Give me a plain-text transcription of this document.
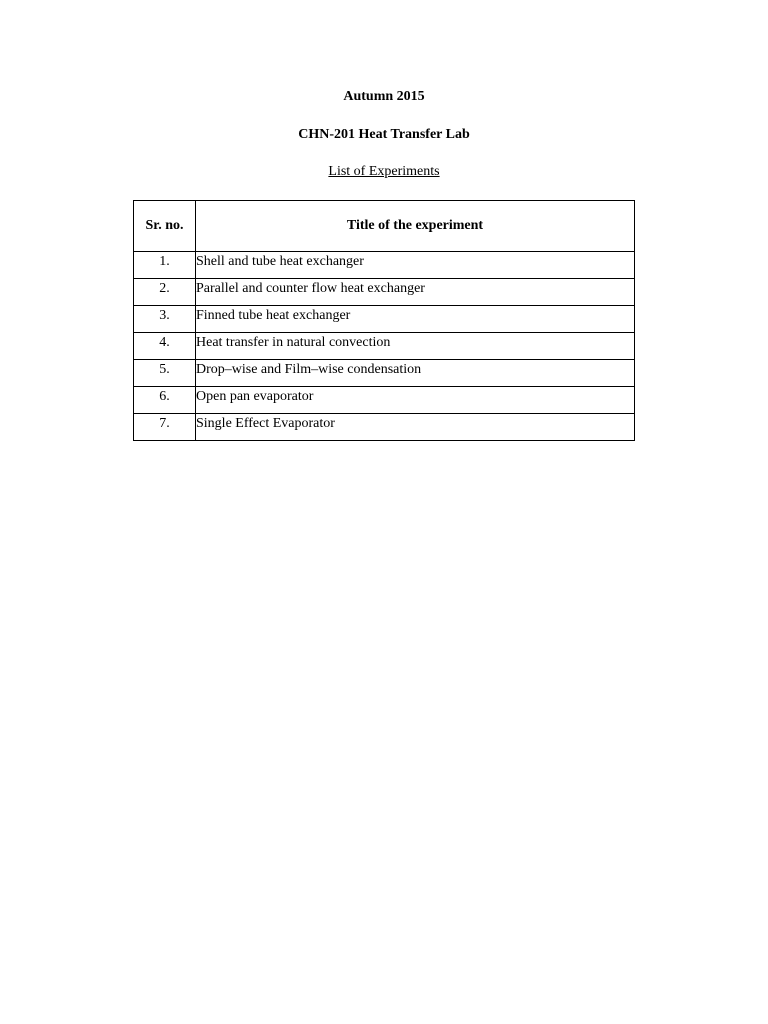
Autumn 2015
CHN-201 Heat Transfer Lab
List of Experiments
Sr. no.	Title of the experiment
1.	Shell and tube heat exchanger
2.	Parallel and counter flow heat exchanger
3.	Finned tube heat exchanger
4.	Heat transfer in natural convection
5.	Drop–wise and Film–wise condensation
6.	Open pan evaporator
7.	Single Effect Evaporator
